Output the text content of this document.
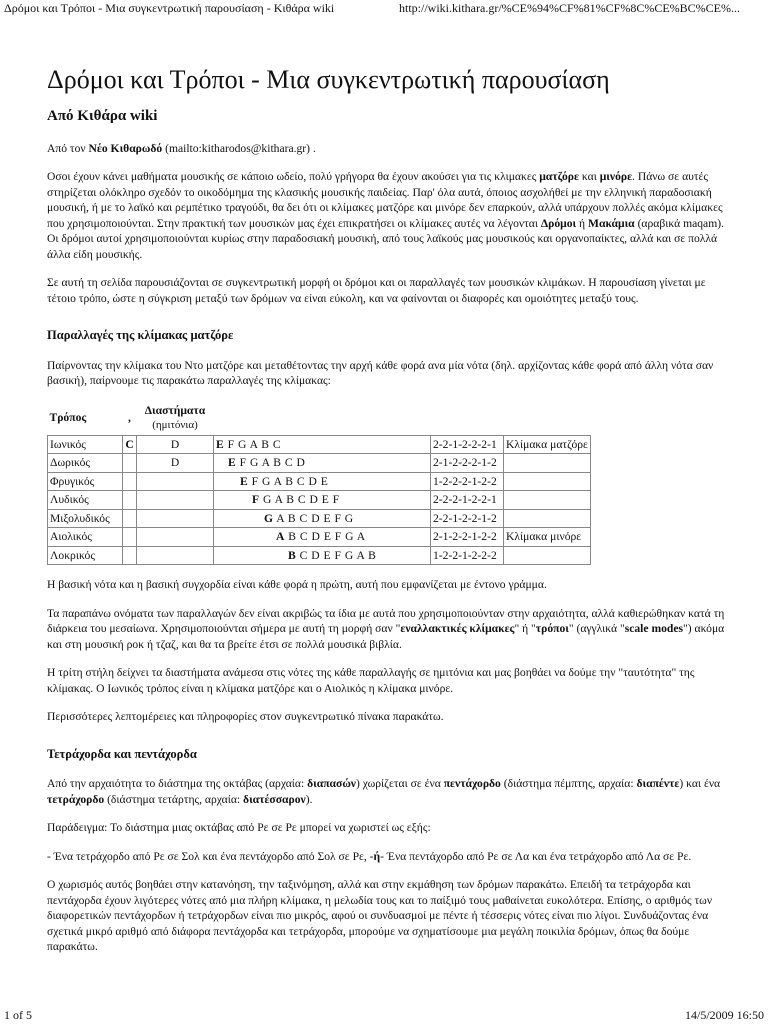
Δρόμοι και Τρόποι - Μια συγκεντρωτική παρουσίαση - Κιθάρα wiki	http://wiki.kithara.gr/%CE%94%CF%81%CF%8C%CE%BC%CE%...
Δρόμοι και Τρόποι - Μια συγκεντρωτική παρουσίαση
Από Κιθάρα wiki

Από τον Νέο Κιθαρωδό (mailto:kitharodos@kithara.gr) .

Οσοι έχουν κάνει μαθήματα μουσικής σε κάποιο ωδείο, πολύ γρήγορα θα έχουν ακούσει για τις κλιμακες ματζόρε και μινόρε. Πάνω σε αυτές στηρίζεται ολόκληρο σχεδόν το οικοδόμημα της κλασικής μουσικής παιδείας. Παρ' όλα αυτά, όποιος ασχολήθεί με την ελληνική παραδοσιακή μουσική, ή με το λαϊκό και ρεμπέτικο τραγούδι, θα δει ότι οι κλίμακες ματζόρε και μινόρε δεν επαρκούν, αλλά υπάρχουν πολλές ακόμα κλίμακες που χρησιμοποιούνται. Στην πρακτική των μουσικών μας έχει επικρατήσει οι κλίμακες αυτές να λέγονται Δρόμοι ή Μακάμια (αραβικά maqam). Οι δρόμοι αυτοί χρησιμοποιούνται κυρίως στην παραδοσιακή μουσική, από τους λαϊκούς μας μουσικούς και οργανοπαίκτες, αλλά και σε πολλά άλλα είδη μουσικής.

Σε αυτή τη σελίδα παρουσιάζονται σε συγκεντρωτική μορφή οι δρόμοι και οι παραλλαγές των μουσικών κλιμάκων. Η παρουσίαση γίνεται με τέτοιο τρόπο, ώστε η σύγκριση μεταξύ των δρόμων να είναι εύκολη, και να φαίνονται οι διαφορές και ομοιότητες μεταξύ τους.

Παραλλαγές της κλίμακας ματζόρε

Παίρνοντας την κλίμακα του Ντο ματζόρε και μεταθέτοντας την αρχή κάθε φορά ανα μία νότα (δηλ. αρχίζοντας κάθε φορά από άλλη νότα σαν βασική), παίρνουμε τις παρακάτω παραλλαγές της κλίμακας:

Τρόπος	,	Διαστήματα
(ημιτόνια)			

Ιωνικός	C	D	E F G A B C	2-2-1-2-2-2-1	Κλίμακα ματζόρε
Δωρικός		D	E F G A B C D	2-1-2-2-2-1-2	
Φρυγικός			E F G A B C D E	1-2-2-2-1-2-2	
Λυδικός			F G A B C D E F	2-2-2-1-2-2-1	
Μιξολυδικός			G A B C D E F G	2-2-1-2-2-1-2	
Αιολικός			A B C D E F G A	2-1-2-2-1-2-2	Κλίμακα μινόρε
Λοκρικός			B C D E F G A B	1-2-2-1-2-2-2	

Η βασική νότα και η βασική συγχορδία είναι κάθε φορά η πρώτη, αυτή που εμφανίζεται με έντονο γράμμα.

Τα παραπάνω ονόματα των παραλλαγών δεν είναι ακριβώς τα ίδια με αυτά που χρησιμοποιούνταν στην αρχαιότητα, αλλά καθιερώθηκαν κατά τη διάρκεια του μεσαίωνα. Χρησιμοποιούνται σήμερα με αυτή τη μορφή σαν "εναλλακτικές κλίμακες" ή "τρόποι" (αγγλικά "scale modes") ακόμα και στη μουσική ροκ ή τζαζ, και θα τα βρείτε έτσι σε πολλά μουσικά βιβλία.

Η τρίτη στήλη δείχνει τα διαστήματα ανάμεσα στις νότες της κάθε παραλλαγής σε ημιτόνια και μας βοηθάει να δούμε την "ταυτότητα" της κλίμακας. Ο Ιωνικός τρόπος είναι η κλίμακα ματζόρε και ο Αιολικός η κλίμακα μινόρε.

Περισσότερες λεπτομέρειες και πληροφορίες στον συγκεντρωτικό πίνακα παρακάτω.

Τετράχορδα και πεντάχορδα

Από την αρχαιότητα το διάστημα της οκτάβας (αρχαία: διαπασών) χωρίζεται σε ένα πεντάχορδο (διάστημα πέμπτης, αρχαία: διαπέντε) και ένα τετράχορδο (διάστημα τετάρτης, αρχαία: διατέσσαρον).

Παράδειγμα: Το διάστημα μιας οκτάβας από Ρε σε Ρε μπορεί να χωριστεί ως εξής:

- Ένα τετράχορδο από Ρε σε Σολ και ένα πεντάχορδο από Σολ σε Ρε, -ή- Ένα πεντάχορδο από Ρε σε Λα και ένα τετράχορδο από Λα σε Ρε.

Ο χωρισμός αυτός βοηθάει στην κατανόηση, την ταξινόμηση, αλλά και στην εκμάθηση των δρόμων παρακάτω. Επειδή τα τετράχορδα και πεντάχορδα έχουν λιγότερες νότες από μια πλήρη κλίμακα, η μελωδία τους και το παίξιμό τους μαθαίνεται ευκολότερα. Επίσης, ο αριθμός των διαφορετικών πεντάχορδων ή τετράχορδων είναι πιο μικρός, αφού οι συνδυασμοί με πέντε ή τέσσερις νότες είναι πιο λίγοι. Συνδυάζοντας ένα σχετικά μικρό αριθμό από διάφορα πεντάχορδα και τετράχορδα, μπορούμε να σχηματίσουμε μια μεγάλη ποικιλία δρόμων, όπως θα δούμε παρακάτω.

1 of 5	14/5/2009 16:50
